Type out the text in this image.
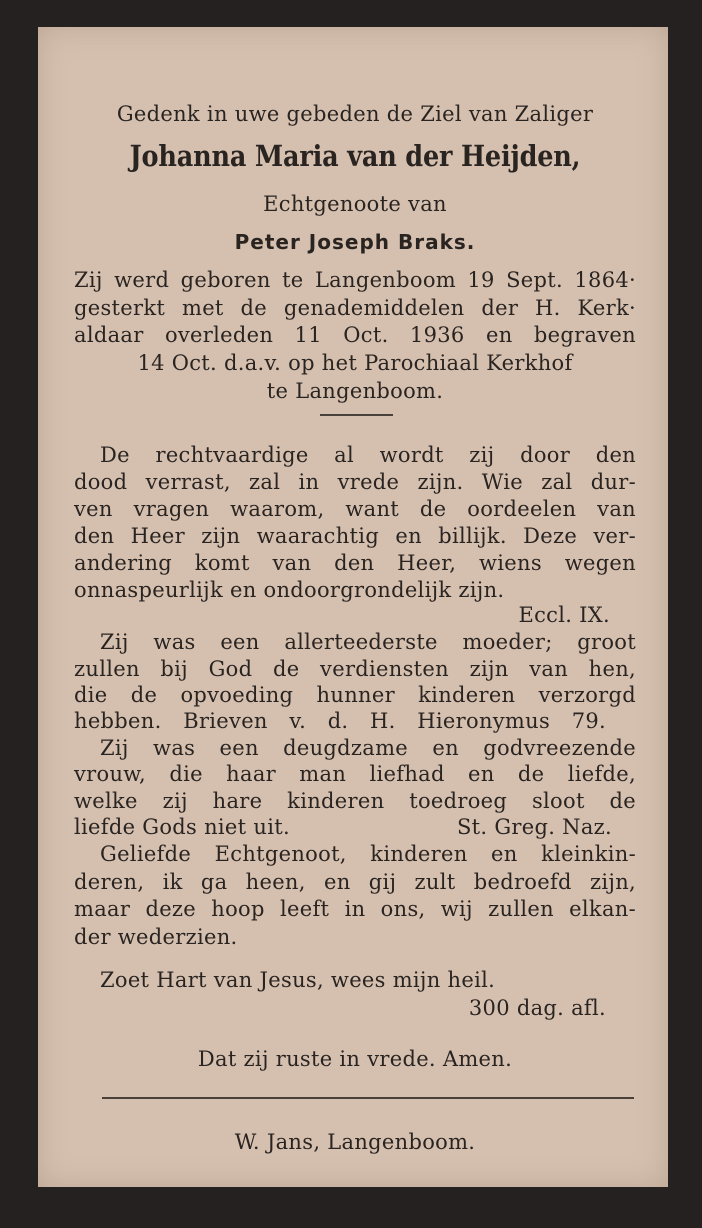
Gedenk in uwe gebeden de Ziel van Zaliger
Johanna Maria van der Heijden,
Echtgenoote van
Peter Joseph Braks.
Zij werd geboren te Langenboom 19 Sept. 1864·
gesterkt met de genademiddelen der H. Kerk·
aldaar overleden 11 Oct. 1936 en begraven
14 Oct. d.a.v. op het Parochiaal Kerkhof
te Langenboom.
De rechtvaardige al wordt zij door den
dood verrast, zal in vrede zijn. Wie zal dur-
ven vragen waarom, want de oordeelen van
den Heer zijn waarachtig en billijk. Deze ver-
andering komt van den Heer, wiens wegen
onnaspeurlijk en ondoorgrondelijk zijn.
Eccl. IX.
Zij was een allerteederste moeder; groot
zullen bij God de verdiensten zijn van hen,
die de opvoeding hunner kinderen verzorgd
hebben. Brieven v. d. H. Hieronymus 79.
Zij was een deugdzame en godvreezende
vrouw, die haar man liefhad en de liefde,
welke zij hare kinderen toedroeg sloot de
liefde Gods niet uit.	St. Greg. Naz.
Geliefde Echtgenoot, kinderen en kleinkin-
deren, ik ga heen, en gij zult bedroefd zijn,
maar deze hoop leeft in ons, wij zullen elkan-
der wederzien.
Zoet Hart van Jesus, wees mijn heil.
300 dag. afl.
Dat zij ruste in vrede. Amen.
W. Jans, Langenboom.
